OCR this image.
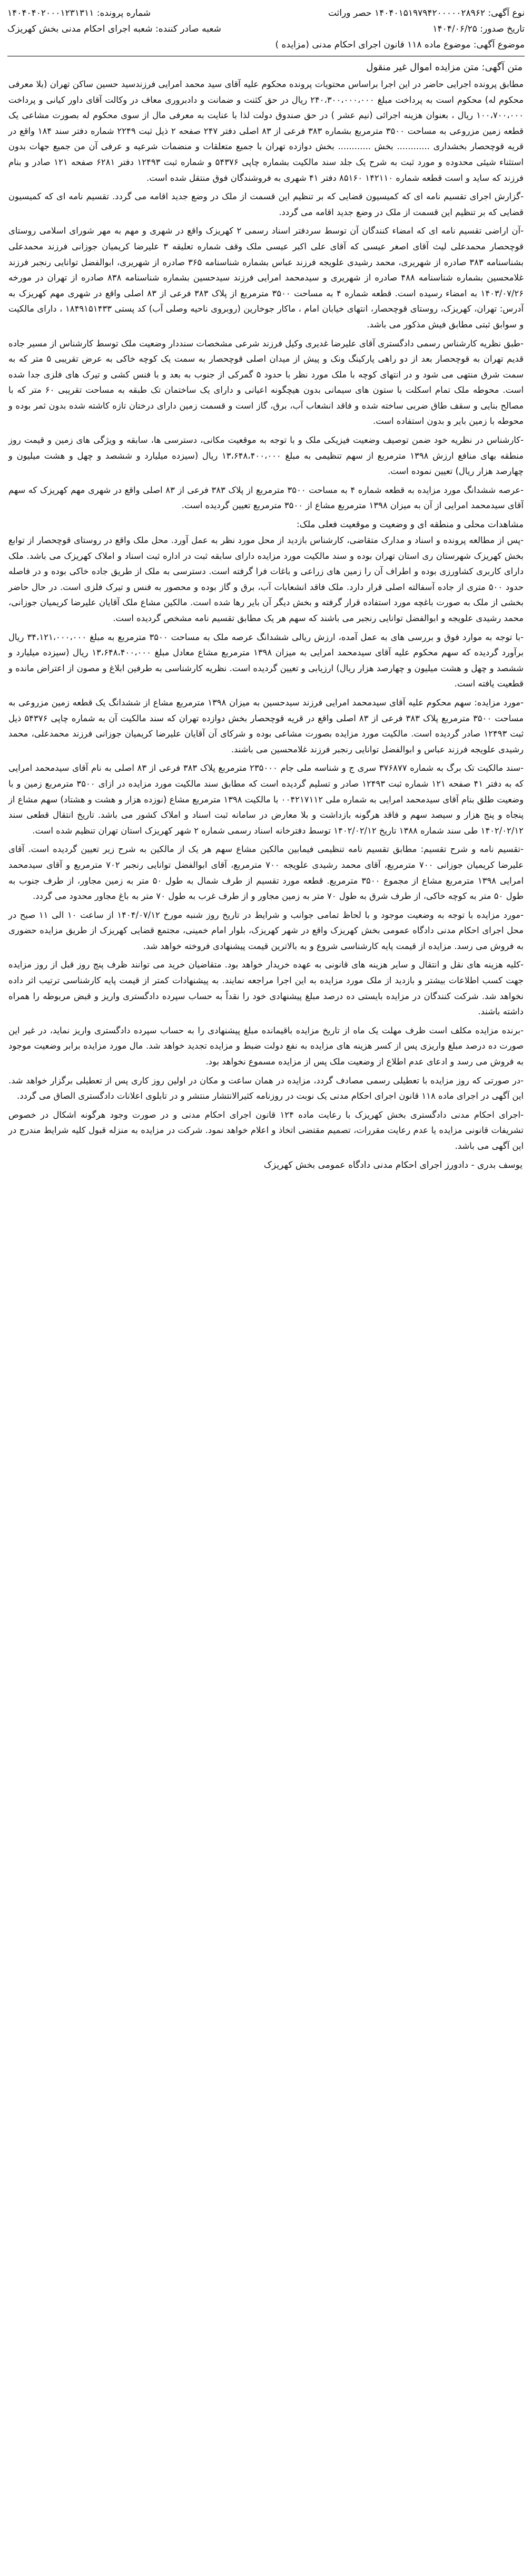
نوع آگهی: ۱۴۰۴۰۱۵۱۹۷۹۴۲۰۰۰۰۰۲۸۹۶۲ حصر وراثت
شماره پرونده: ۱۴۰۴۰۴۰۲۰۰۰۱۲۳۱۳۱۱
تاریخ صدور: ۱۴۰۴/۰۶/۲۵
شعبه صادر کننده: شعبه اجرای احکام مدنی بخش کهریزک
موضوع آگهی: موضوع ماده ۱۱۸ قانون اجرای احکام مدنی (مزایده )
متن آگهی: متن مزایده اموال غیر منقول

مطابق پرونده اجرایی حاضر در این اجرا براساس محتویات پرونده محکوم علیه آقای سید محمد امرایی فرزندسید حسین ساکن تهران (بلا معرفی محکوم له) محکوم است به پرداخت مبلغ ۲۴۰،۳۰۰،۰۰۰،۰۰۰ ریال در حق کثنت و ضمانت و دادبروری معاف در وکالت آقای داور کیانی و پرداخت ۱۰۰،۷۰۰،۰۰۰ ریال ، بعنوان هزینه اجرائی (نیم عشر ) در حق صندوق دولت لذا با عنایت به معرفی مال از سوی محکوم له بصورت مشاعی یک قطعه زمین مزروعی به مساحت ۳۵۰۰ مترمربع بشماره ۳۸۳ فرعی از ۸۳ اصلی دفتر ۲۴۷ صفحه ۲ ذیل ثبت ۲۲۴۹ شماره دفتر سند ۱۸۴ واقع در قریه قوچحصار بخشداری ............ بخش ............ بخش دوازده تهران با جمیع متعلقات و منضمات شرعیه و عرفی آن من جمیع جهات بدون استثناء شیئی محدوده و مورد ثبت به شرح یک جلد سند مالکیت بشماره چاپی ۵۴۳۷۶ و شماره ثبت ۱۲۴۹۳ دفتر ۶۲۸۱ صفحه ۱۲۱ صادر و بنام فرزند که ساید و است قطعه شماره ۱۴۲۱۱۰ ۸۵۱۶۰ دفتر ۴۱ شهری به فروشندگان فوق منتقل شده است.

-گزارش اجرای تقسیم نامه ای که کمیسیون قضایی که بر تنظیم این قسمت از ملک در وضع جدید اقامه می گردد. تقسیم نامه ای که کمیسیون قضایی که بر تنظیم این قسمت از ملک در وضع جدید اقامه می گردد.

-آن اراضی تقسیم نامه ای که امضاء کنندگان آن توسط سردفتر اسناد رسمی ۲ کهریزک واقع در شهری و مهم به مهر شورای اسلامی روستای قوچحصار محمدعلی لیث آقای اصغر عیسی که آقای علی اکبر عیسی ملک وقف شماره تعلیقه ۳ علیرضا کریمیان جوزانی فرزند محمدعلی بشناسنامه ۳۸۳ صادره از شهریری، محمد رشیدی علویجه فرزند عباس بشماره شناسنامه ۳۶۵ صادره از شهریری، ابوالفضل توانایی رنجبر فرزند غلامحسین بشماره شناسنامه ۴۸۸ صادره از شهریری و سیدمحمد امرایی فرزند سیدحسین بشماره شناسنامه ۸۳۸ صادره از تهران در مورخه ۱۴۰۳/۰۷/۲۶ به امضاء رسیده است. قطعه شماره ۴ به مساحت ۳۵۰۰ مترمربع از پلاک ۳۸۳ فرعی از ۸۳ اصلی واقع در شهری مهم کهریزک به آدرس: تهران، کهریزک، روستای قوچحصار، انتهای خیابان امام ، ماکار جوخارین (روبروی ناحیه وصلی آب) کد پستی ۱۸۴۹۱۵۱۴۳۳ ، دارای مالکیت و سوابق ثبتی مطابق فیش مذکور می باشد.

-طبق نظریه کارشناس رسمی دادگستری آقای علیرضا غدیری وکیل فرزند شرعی مشخصات سنددار وضعیت ملک توسط کارشناس از مسیر جاده قدیم تهران به قوچحصار بعد از دو راهی پارکینگ ونک و پیش از میدان اصلی قوچحصار به سمت یک کوچه خاکی به عرض تقریبی ۵ متر که به سمت شرق منتهی می شود و در انتهای کوچه با ملک مورد نظر با حدود ۵ گمرکی از جنوب به بعد و با فنس کشی و تیرک های فلزی جدا شده است. محوطه ملک تمام اسکلت با ستون های سیمانی بدون هیچگونه اعیانی و دارای یک ساختمان تک طبقه به مساحت تقریبی ۶۰ متر که با مصالح بنایی و سقف طاق ضربی ساخته شده و فاقد انشعاب آب، برق، گاز است و قسمت زمین دارای درختان تازه کاشته شده بدون ثمر بوده و محوطه با زمین بایر و بدون استفاده است.

-کارشناس در نظریه خود ضمن توصیف وضعیت فیزیکی ملک و با توجه به موقعیت مکانی، دسترسی ها، سابقه و ویژگی های زمین و قیمت روز منطقه بهای منافع ارزش ۱۳۹۸ مترمربع از سهم تنظیمی به مبلغ ۱۳،۶۴۸،۴۰۰،۰۰۰ ریال (سیزده میلیارد و ششصد و چهل و هشت میلیون و چهارصد هزار ریال) تعیین نموده است.

-عرصه ششدانگ مورد مزایده به قطعه شماره ۴ به مساحت ۳۵۰۰ مترمربع از پلاک ۳۸۳ فرعی از ۸۳ اصلی واقع در شهری مهم کهریزک که سهم آقای سیدمحمد امرایی از آن به میزان ۱۳۹۸ مترمربع مشاع از ۳۵۰۰ مترمربع تعیین گردیده است.

مشاهدات محلی و منطقه ای و وضعیت و موقعیت فعلی ملک:

-پس از مطالعه پرونده و اسناد و مدارک متقاضی، کارشناس بازدید از محل مورد نظر به عمل آورد. محل ملک واقع در روستای قوچحصار از توابع بخش کهریزک شهرستان ری استان تهران بوده و سند مالکیت مورد مزایده دارای سابقه ثبت در اداره ثبت اسناد و املاک کهریزک می باشد. ملک دارای کاربری کشاورزی بوده و اطراف آن را زمین های زراعی و باغات فرا گرفته است. دسترسی به ملک از طریق جاده خاکی بوده و در فاصله حدود ۵۰۰ متری از جاده آسفالته اصلی قرار دارد. ملک فاقد انشعابات آب، برق و گاز بوده و محصور به فنس و تیرک فلزی است. در حال حاضر بخشی از ملک به صورت باغچه مورد استفاده قرار گرفته و بخش دیگر آن بایر رها شده است. مالکین مشاع ملک آقایان علیرضا کریمیان جوزانی، محمد رشیدی علویجه و ابوالفضل توانایی رنجبر می باشند که سهم هر یک مطابق تقسیم نامه مشخص گردیده است.

-با توجه به موارد فوق و بررسی های به عمل آمده، ارزش ریالی ششدانگ عرصه ملک به مساحت ۳۵۰۰ مترمربع به مبلغ ۳۴،۱۲۱،۰۰۰،۰۰۰ ریال برآورد گردیده که سهم محکوم علیه آقای سیدمحمد امرایی به میزان ۱۳۹۸ مترمربع مشاع معادل مبلغ ۱۳،۶۴۸،۴۰۰،۰۰۰ ریال (سیزده میلیارد و ششصد و چهل و هشت میلیون و چهارصد هزار ریال) ارزیابی و تعیین گردیده است. نظریه کارشناسی به طرفین ابلاغ و مصون از اعتراض مانده و قطعیت یافته است.

-مورد مزایده: سهم محکوم علیه آقای سیدمحمد امرایی فرزند سیدحسین به میزان ۱۳۹۸ مترمربع مشاع از ششدانگ یک قطعه زمین مزروعی به مساحت ۳۵۰۰ مترمربع پلاک ۳۸۳ فرعی از ۸۳ اصلی واقع در قریه قوچحصار بخش دوازده تهران که سند مالکیت آن به شماره چاپی ۵۴۳۷۶ ذیل ثبت ۱۲۴۹۳ صادر گردیده است. مالکیت مورد مزایده بصورت مشاعی بوده و شرکای آن آقایان علیرضا کریمیان جوزانی فرزند محمدعلی، محمد رشیدی علویجه فرزند عباس و ابوالفضل توانایی رنجبر فرزند غلامحسین می باشند.

-سند مالکیت تک برگ به شماره ۳۷۶۸۷۷ سری ج و شناسه ملی جام ۲۳۵۰۰۰ مترمربع پلاک ۳۸۳ فرعی از ۸۳ اصلی به نام آقای سیدمحمد امرایی که به دفتر ۴۱ صفحه ۱۲۱ شماره ثبت ۱۲۴۹۳ صادر و تسلیم گردیده است که مطابق سند مالکیت مورد مزایده در ازای ۳۵۰۰ مترمربع زمین و با وضعیت طلق بنام آقای سیدمحمد امرایی به شماره ملی ۰۰۴۲۱۷۱۱۲ با مالکیت ۱۳۹۸ مترمربع مشاع (نوزده هزار و هشت و هشتاد) سهم مشاع از پنجاه و پنج هزار و سیصد سهم و فاقد هرگونه بازداشت و بلا معارض در سامانه ثبت اسناد و املاک کشور می باشد. تاریخ انتقال قطعی سند ۱۴۰۲/۰۲/۱۲ طی سند شماره ۱۳۸۸ تاریخ ۱۴۰۲/۰۲/۱۲ توسط دفترخانه اسناد رسمی شماره ۲ شهر کهریزک استان تهران تنظیم شده است.

-تقسیم نامه و شرح تقسیم: مطابق تقسیم نامه تنظیمی فیمابین مالکین مشاع سهم هر یک از مالکین به شرح زیر تعیین گردیده است. آقای علیرضا کریمیان جوزانی ۷۰۰ مترمربع، آقای محمد رشیدی علویجه ۷۰۰ مترمربع، آقای ابوالفضل توانایی رنجبر ۷۰۲ مترمربع و آقای سیدمحمد امرایی ۱۳۹۸ مترمربع مشاع از مجموع ۳۵۰۰ مترمربع. قطعه مورد تقسیم از طرف شمال به طول ۵۰ متر به زمین مجاور، از طرف جنوب به طول ۵۰ متر به کوچه خاکی، از طرف شرق به طول ۷۰ متر به زمین مجاور و از طرف غرب به طول ۷۰ متر به باغ مجاور محدود می گردد.

-مورد مزایده با توجه به وضعیت موجود و با لحاظ تمامی جوانب و شرایط در تاریخ روز شنبه مورخ ۱۴۰۴/۰۷/۱۲ از ساعت ۱۰ الی ۱۱ صبح در محل اجرای احکام مدنی دادگاه عمومی بخش کهریزک واقع در شهر کهریزک، بلوار امام خمینی، مجتمع قضایی کهریزک از طریق مزایده حضوری به فروش می رسد. مزایده از قیمت پایه کارشناسی شروع و به بالاترین قیمت پیشنهادی فروخته خواهد شد.

-کلیه هزینه های نقل و انتقال و سایر هزینه های قانونی به عهده خریدار خواهد بود. متقاضیان خرید می توانند ظرف پنج روز قبل از روز مزایده جهت کسب اطلاعات بیشتر و بازدید از ملک مورد مزایده به این اجرا مراجعه نمایند. به پیشنهادات کمتر از قیمت پایه کارشناسی ترتیب اثر داده نخواهد شد. شرکت کنندگان در مزایده بایستی ده درصد مبلغ پیشنهادی خود را نقداً به حساب سپرده دادگستری واریز و قبض مربوطه را همراه داشته باشند.

-برنده مزایده مکلف است ظرف مهلت یک ماه از تاریخ مزایده باقیمانده مبلغ پیشنهادی را به حساب سپرده دادگستری واریز نماید، در غیر این صورت ده درصد مبلغ واریزی پس از کسر هزینه های مزایده به نفع دولت ضبط و مزایده تجدید خواهد شد. مال مورد مزایده برابر وضعیت موجود به فروش می رسد و ادعای عدم اطلاع از وضعیت ملک پس از مزایده مسموع نخواهد بود.

-در صورتی که روز مزایده با تعطیلی رسمی مصادف گردد، مزایده در همان ساعت و مکان در اولین روز کاری پس از تعطیلی برگزار خواهد شد. این آگهی در اجرای ماده ۱۱۸ قانون اجرای احکام مدنی یک نوبت در روزنامه کثیرالانتشار منتشر و در تابلوی اعلانات دادگستری الصاق می گردد.

-اجرای احکام مدنی دادگستری بخش کهریزک با رعایت ماده ۱۲۴ قانون اجرای احکام مدنی و در صورت وجود هرگونه اشکال در خصوص تشریفات قانونی مزایده یا عدم رعایت مقررات، تصمیم مقتضی اتخاذ و اعلام خواهد نمود. شرکت در مزایده به منزله قبول کلیه شرایط مندرج در این آگهی می باشد.

یوسف بدری - دادورز اجرای احکام مدنی دادگاه عمومی بخش کهریزک
